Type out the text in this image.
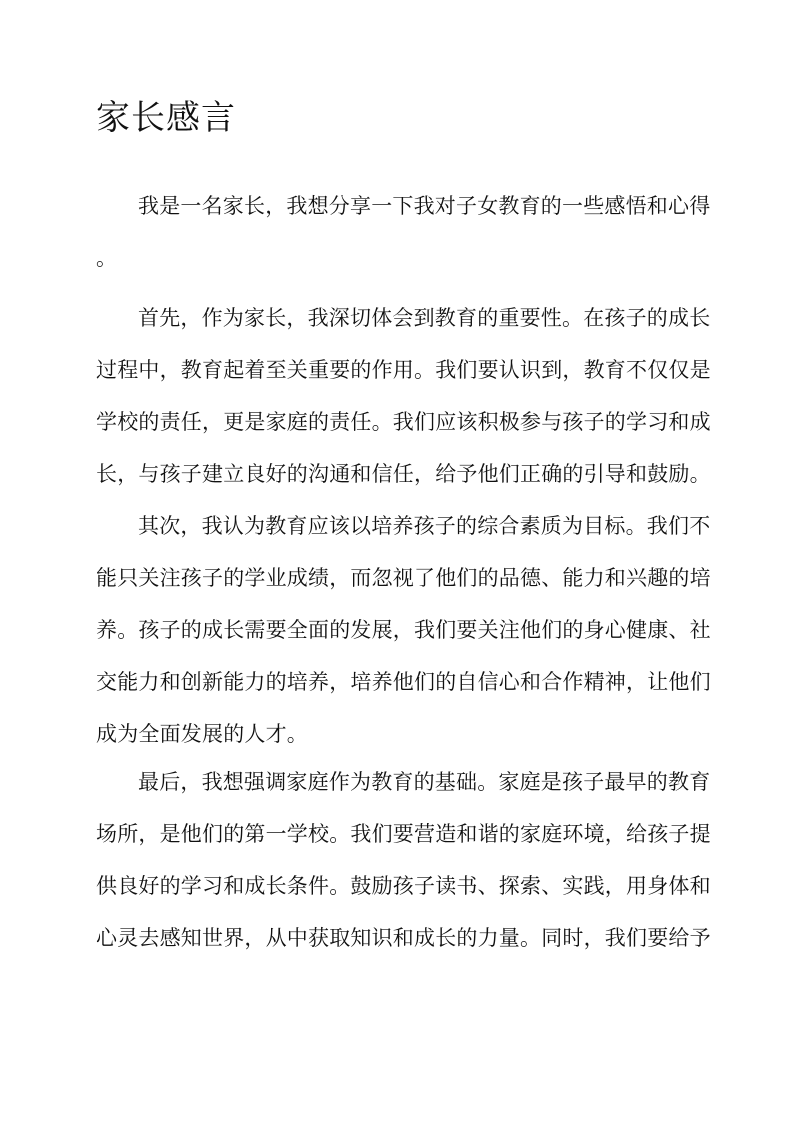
家长感言
我是一名家长，我想分享一下我对子女教育的一些感悟和心得
。
首先，作为家长，我深切体会到教育的重要性。在孩子的成长
过程中，教育起着至关重要的作用。我们要认识到，教育不仅仅是
学校的责任，更是家庭的责任。我们应该积极参与孩子的学习和成
长，与孩子建立良好的沟通和信任，给予他们正确的引导和鼓励。
其次，我认为教育应该以培养孩子的综合素质为目标。我们不
能只关注孩子的学业成绩，而忽视了他们的品德、能力和兴趣的培
养。孩子的成长需要全面的发展，我们要关注他们的身心健康、社
交能力和创新能力的培养，培养他们的自信心和合作精神，让他们
成为全面发展的人才。
最后，我想强调家庭作为教育的基础。家庭是孩子最早的教育
场所，是他们的第一学校。我们要营造和谐的家庭环境，给孩子提
供良好的学习和成长条件。鼓励孩子读书、探索、实践，用身体和
心灵去感知世界，从中获取知识和成长的力量。同时，我们要给予
